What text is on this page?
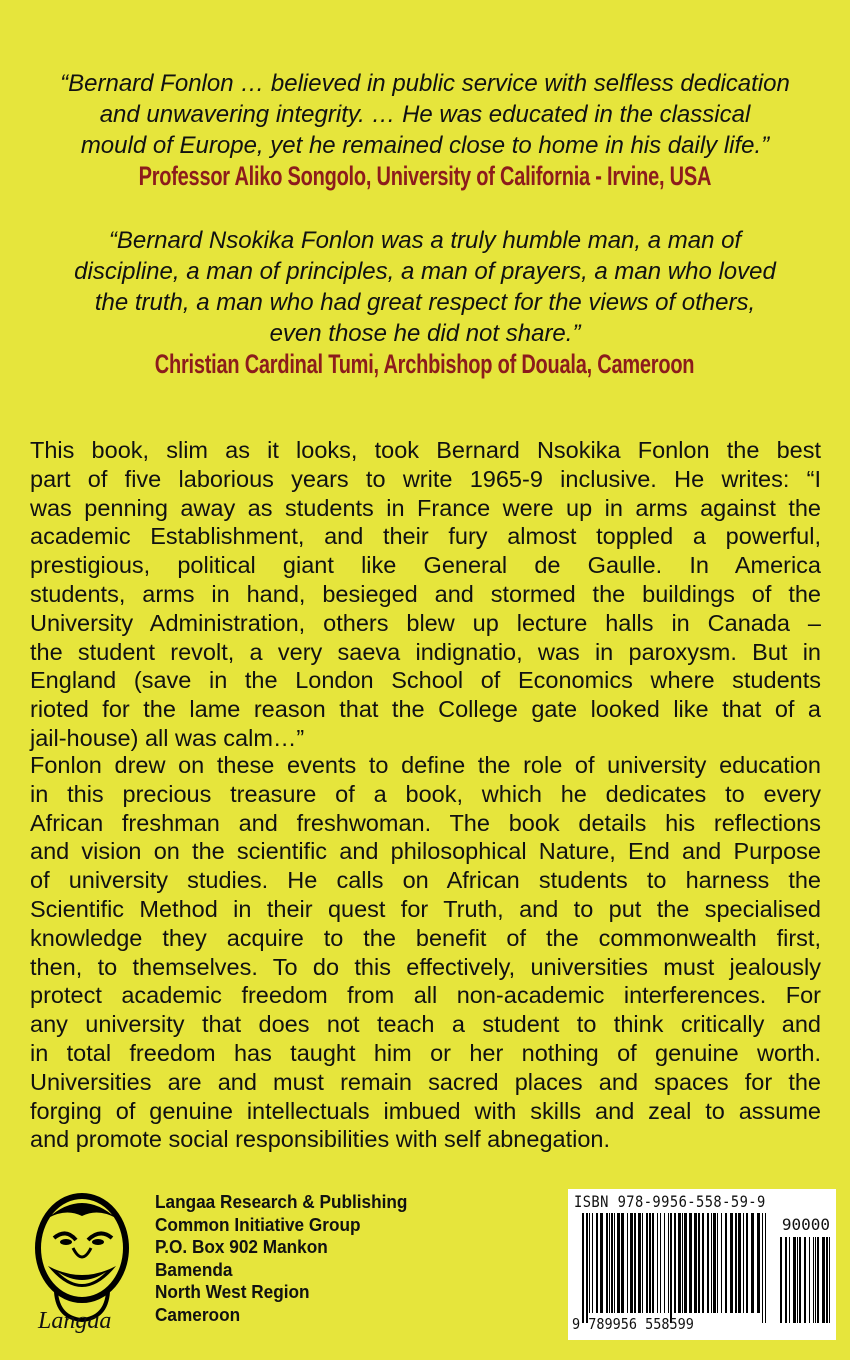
“Bernard Fonlon … believed in public service with selfless dedication
and unwavering integrity. … He was educated in the classical
mould of Europe, yet he remained close to home in his daily life.”
Professor Aliko Songolo, University of California - Irvine, USA
“Bernard Nsokika Fonlon was a truly humble man, a man of
discipline, a man of principles, a man of prayers, a man who loved
the truth, a man who had great respect for the views of others,
even those he did not share.”
Christian Cardinal Tumi, Archbishop of Douala, Cameroon
This book, slim as it looks, took Bernard Nsokika Fonlon the best
part of five laborious years to write 1965-9 inclusive. He writes: “I
was penning away as students in France were up in arms against the
academic Establishment, and their fury almost toppled a powerful,
prestigious, political giant like General de Gaulle. In America
students, arms in hand, besieged and stormed the buildings of the
University Administration, others blew up lecture halls in Canada –
the student revolt, a very saeva indignatio, was in paroxysm. But in
England (save in the London School of Economics where students
rioted for the lame reason that the College gate looked like that of a
jail-house) all was calm…”
Fonlon drew on these events to define the role of university education
in this precious treasure of a book, which he dedicates to every
African freshman and freshwoman. The book details his reflections
and vision on the scientific and philosophical Nature, End and Purpose
of university studies. He calls on African students to harness the
Scientific Method in their quest for Truth, and to put the specialised
knowledge they acquire to the benefit of the commonwealth first,
then, to themselves. To do this effectively, universities must jealously
protect academic freedom from all non-academic interferences. For
any university that does not teach a student to think critically and
in total freedom has taught him or her nothing of genuine worth.
Universities are and must remain sacred places and spaces for the
forging of genuine intellectuals imbued with skills and zeal to assume
and promote social responsibilities with self abnegation.
Langaa
Langaa Research & Publishing
Common Initiative Group
P.O. Box 902 Mankon
Bamenda
North West Region
Cameroon
ISBN 978-9956-558-59-9
90000
9 789956 558599
